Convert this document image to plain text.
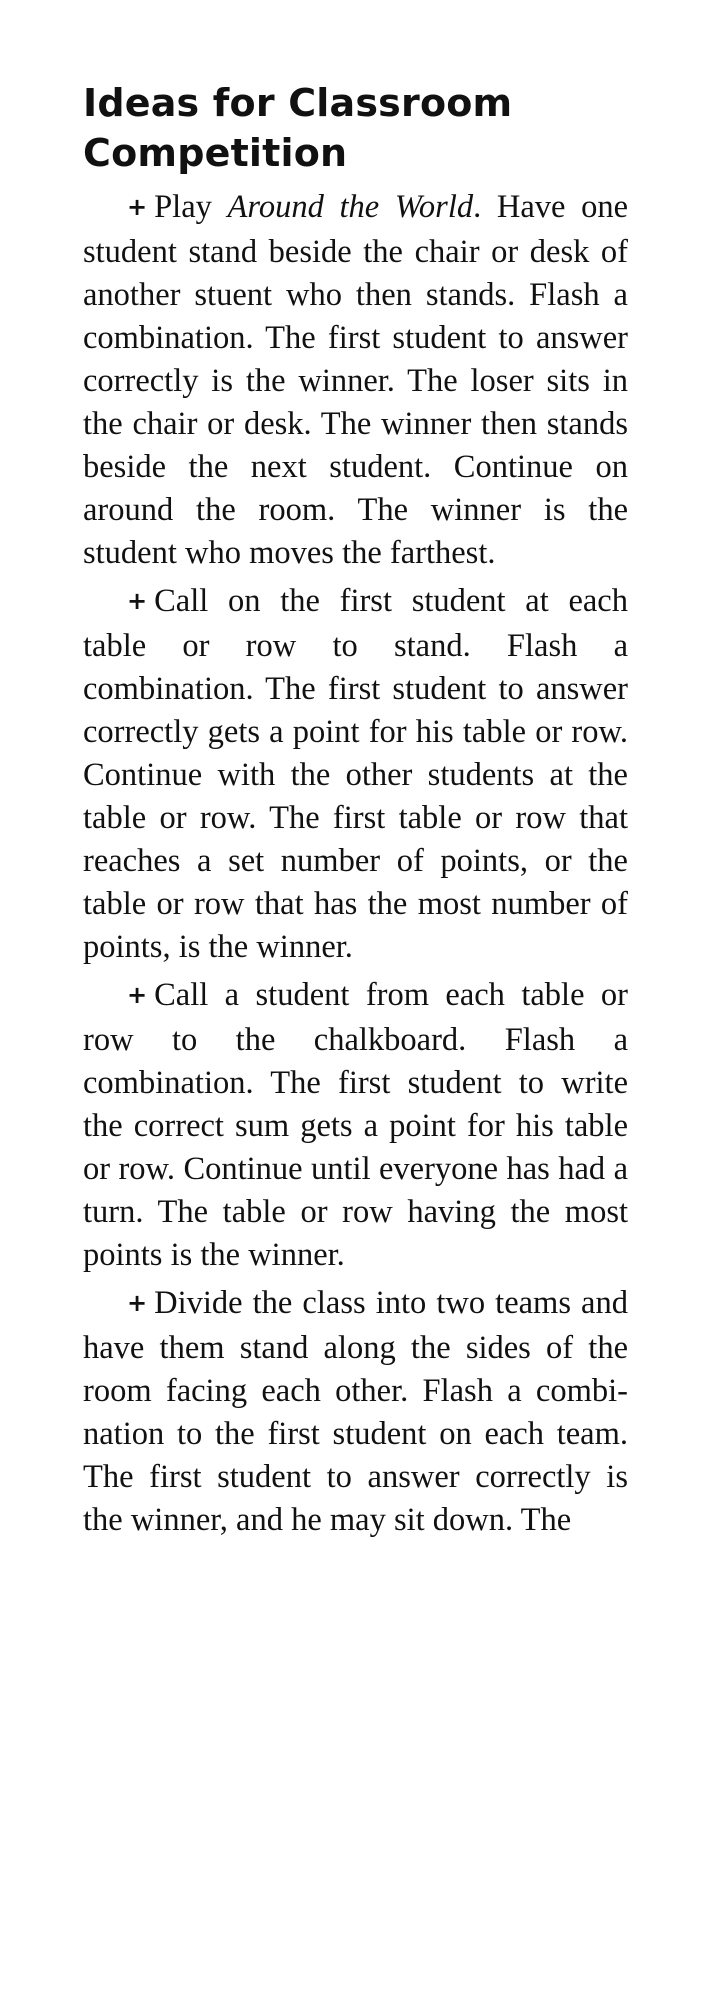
Ideas for Classroom Competition

+ Play Around the World. Have one student stand beside the chair or desk of another stuent who then stands. Flash a combination. The first student to answer correctly is the winner. The loser sits in the chair or desk. The winner then stands beside the next student. Continue on around the room. The winner is the student who moves the farthest.

+ Call on the first student at each table or row to stand. Flash a combination. The first student to answer correctly gets a point for his table or row. Continue with the other students at the table or row. The first table or row that reaches a set number of points, or the table or row that has the most number of points, is the winner.

+ Call a student from each table or row to the chalkboard. Flash a combination. The first student to write the correct sum gets a point for his table or row. Continue until everyone has had a turn. The table or row having the most points is the winner.

+ Divide the class into two teams and have them stand along the sides of the room facing each other. Flash a combination to the first student on each team. The first student to answer correctly is the winner, and he may sit down. The
